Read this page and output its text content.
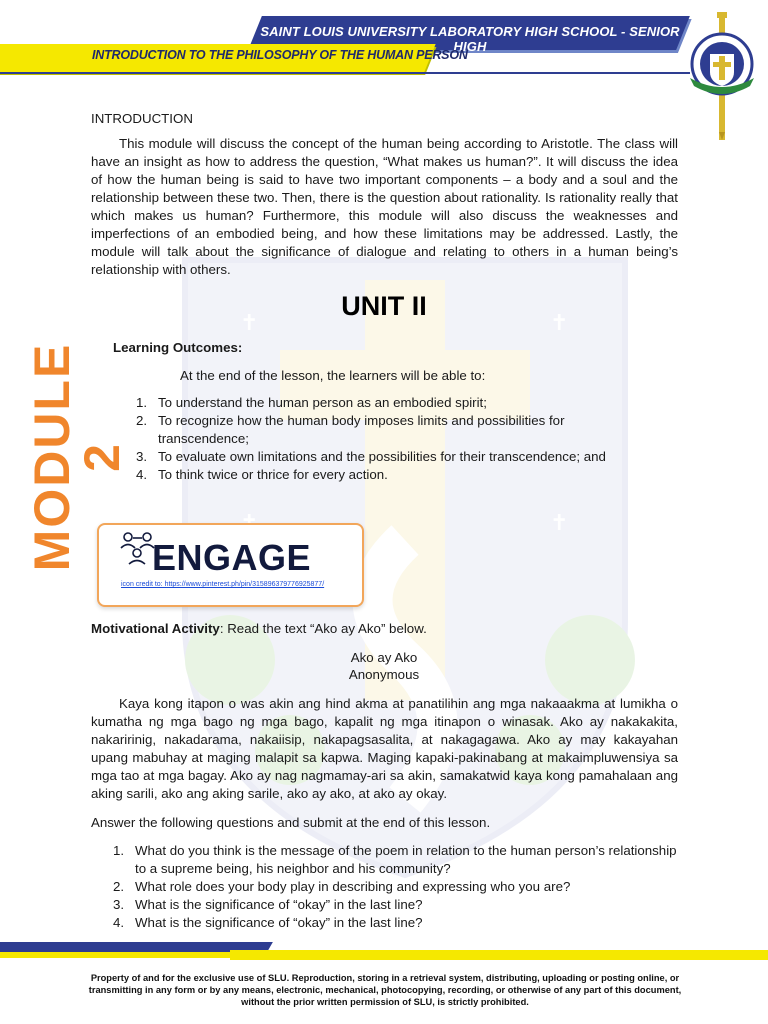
✝	✝
✝
SAINT LOUIS UNIVERSITY LABORATORY HIGH SCHOOL - SENIOR HIGH
INTRODUCTION TO THE PHILOSOPHY OF THE HUMAN PERSON
MODULE 2
INTRODUCTION
This module will discuss the concept of the human being according to Aristotle. The class will have an insight as how to address the question, “What makes us human?”. It will discuss the idea of how the human being is said to have two important components – a body and a soul and the relationship between these two. Then, there is the question about rationality. Is rationality really that which makes us human? Furthermore, this module will also discuss the weaknesses and imperfections of an embodied being, and how these limitations may be addressed. Lastly, the module will talk about the significance of dialogue and relating to others in a human being’s relationship with others.
UNIT II
Learning Outcomes:
At the end of the lesson, the learners will be able to:
1. To understand the human person as an embodied spirit;
2. To recognize how the human body imposes limits and possibilities for transcendence;
3. To evaluate own limitations and the possibilities for their transcendence; and
4. To think twice or thrice for every action.
ENGAGE
icon credit to: https://www.pinterest.ph/pin/315896379776925877/
Motivational Activity: Read the text “Ako ay Ako” below.
Ako ay Ako
Anonymous
Kaya kong itapon o was akin ang hind akma at panatilihin ang mga nakaaakma at lumikha o kumatha ng mga bago ng mga bago, kapalit ng mga itinapon o winasak. Ako ay nakakakita, nakaririnig, nakadarama, nakaiisip, nakapagsasalita, at nakagagawa. Ako ay may kakayahan upang mabuhay at maging malapit sa kapwa. Maging kapaki-pakinabang at makaimpluwensiya sa mga tao at mga bagay. Ako ay nag nagmamay-ari sa akin, samakatwid kaya kong pamahalaan ang aking sarili, ako ang aking sarile, ako ay ako, at ako ay okay.
Answer the following questions and submit at the end of this lesson.
1. What do you think is the message of the poem in relation to the human person’s relationship to a supreme being, his neighbor and his community?
2. What role does your body play in describing and expressing who you are?
3. What is the significance of “okay” in the last line?
4. What is the significance of “okay” in the last line?
Property of and for the exclusive use of SLU. Reproduction, storing in a retrieval system, distributing, uploading or posting online, or transmitting in any form or by any means, electronic, mechanical, photocopying, recording, or otherwise of any part of this document, without the prior written permission of SLU, is strictly prohibited.
